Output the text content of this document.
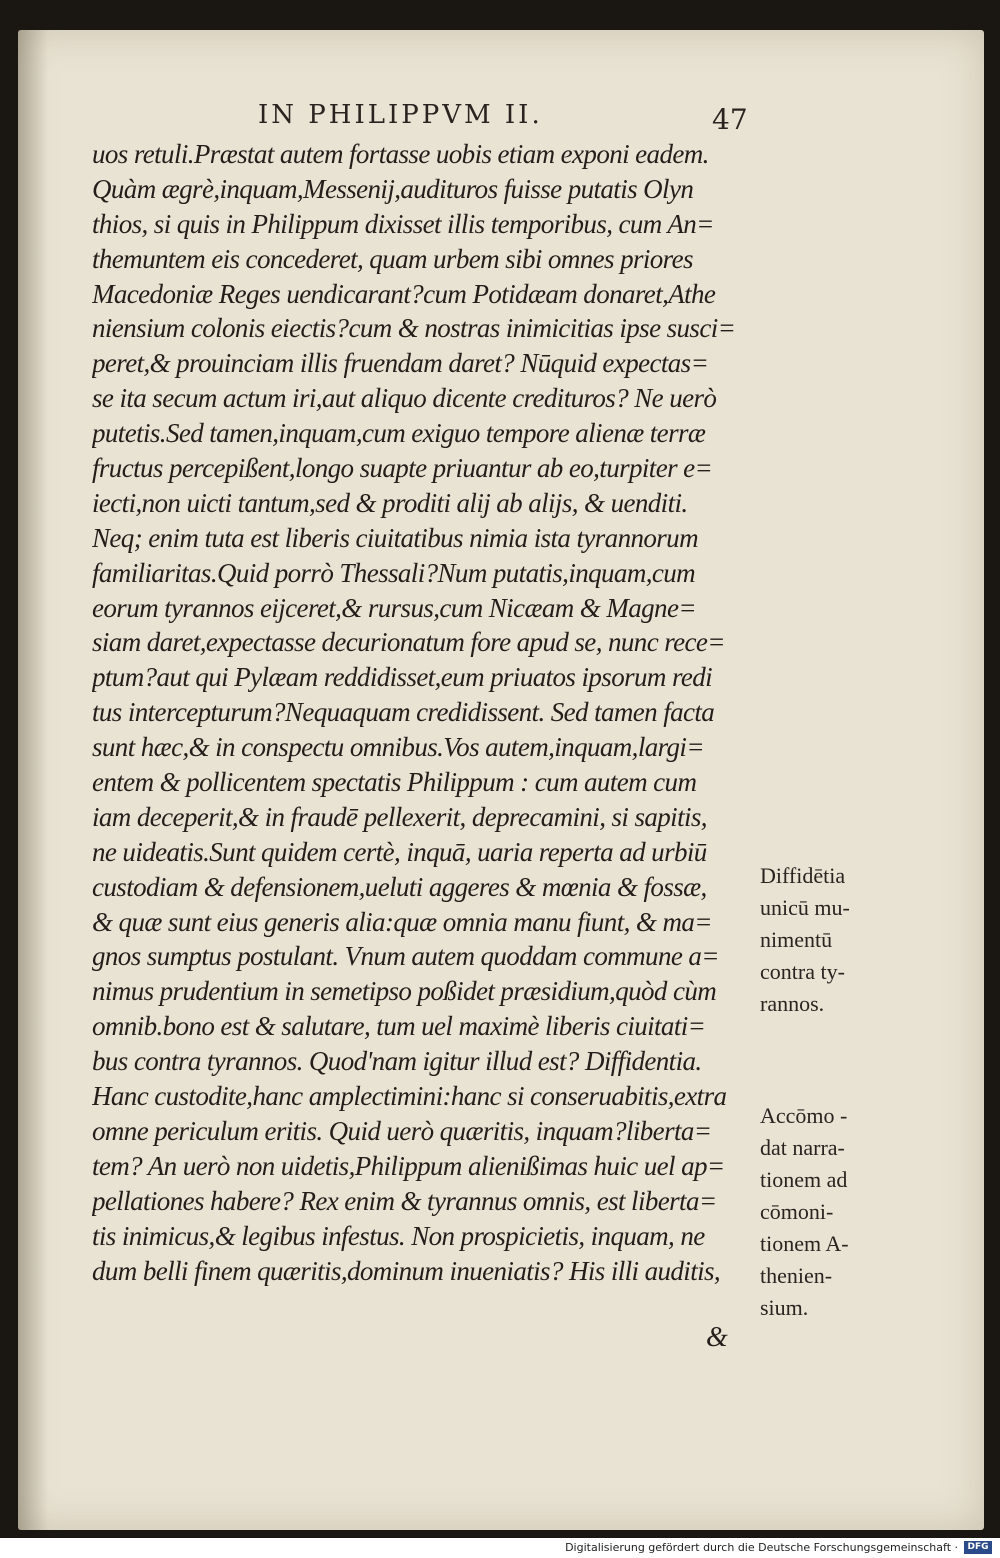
IN PHILIPPVM II.	47
uos retuli.Præstat autem fortasse uobis etiam exponi eadem.
Quàm ægrè,inquam,Messenij,audituros fuisse putatis Olyn
thios, si quis in Philippum dixisset illis temporibus, cum An=
themuntem eis concederet, quam urbem sibi omnes priores
Macedoniæ Reges uendicarant?cum Potidæam donaret,Athe
niensium colonis eiectis?cum & nostras inimicitias ipse susci=
peret,& prouinciam illis fruendam daret? Nūquid expectas=
se ita secum actum iri,aut aliquo dicente credituros? Ne uerò
putetis.Sed tamen,inquam,cum exiguo tempore alienæ terræ
fructus percepißent,longo suapte priuantur ab eo,turpiter e=
iecti,non uicti tantum,sed & proditi alij ab alijs, & uenditi.
Neq; enim tuta est liberis ciuitatibus nimia ista tyrannorum
familiaritas.Quid porrò Thessali?Num putatis,inquam,cum
eorum tyrannos eijceret,& rursus,cum Nicæam & Magne=
siam daret,expectasse decurionatum fore apud se, nunc rece=
ptum?aut qui Pylæam reddidisset,eum priuatos ipsorum redi
tus intercepturum?Nequaquam credidissent. Sed tamen facta
sunt hæc,& in conspectu omnibus.Vos autem,inquam,largi=
entem & pollicentem spectatis Philippum : cum autem cum
iam deceperit,& in fraudē pellexerit, deprecamini, si sapitis,
ne uideatis.Sunt quidem certè, inquā, uaria reperta ad urbiū
custodiam & defensionem,ueluti aggeres & mœnia & fossæ,
& quæ sunt eius generis alia:quæ omnia manu fiunt, & ma=
gnos sumptus postulant. Vnum autem quoddam commune a=
nimus prudentium in semetipso poßidet præsidium,quòd cùm
omnib.bono est & salutare, tum uel maximè liberis ciuitati=
bus contra tyrannos. Quod'nam igitur illud est? Diffidentia.
Hanc custodite,hanc amplectimini:hanc si conseruabitis,extra
omne periculum eritis. Quid uerò quæritis, inquam?liberta=
tem? An uerò non uidetis,Philippum alienißimas huic uel ap=
pellationes habere? Rex enim & tyrannus omnis, est liberta=
tis inimicus,& legibus infestus. Non prospicietis, inquam, ne
dum belli finem quæritis,dominum inueniatis? His illi auditis,
&
Diffidētia
unicū mu-
nimentū
contra ty-
rannos.
Accōmo -
dat narra-
tionem ad
cōmoni-
tionem A-
thenien-
sium.
Digitalisierung gefördert durch die Deutsche Forschungsgemeinschaft ·	DFG
